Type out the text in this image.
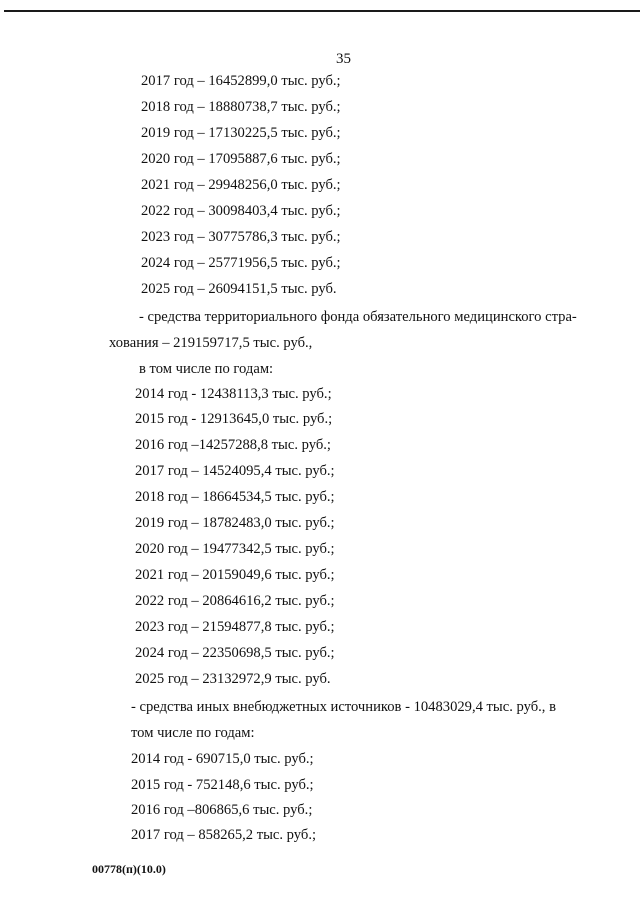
35
2017 год – 16452899,0 тыс. руб.;
2018 год – 18880738,7 тыс. руб.;
2019 год – 17130225,5 тыс. руб.;
2020 год – 17095887,6 тыс. руб.;
2021 год – 29948256,0 тыс. руб.;
2022 год – 30098403,4 тыс. руб.;
2023 год – 30775786,3 тыс. руб.;
2024 год – 25771956,5 тыс. руб.;
2025 год – 26094151,5 тыс. руб.
- средства территориального фонда обязательного медицинского стра-
хования – 219159717,5 тыс. руб.,
в том числе по годам:
2014 год - 12438113,3 тыс. руб.;
2015 год - 12913645,0 тыс. руб.;
2016 год –14257288,8 тыс. руб.;
2017 год – 14524095,4 тыс. руб.;
2018 год – 18664534,5 тыс. руб.;
2019 год – 18782483,0 тыс. руб.;
2020 год – 19477342,5 тыс. руб.;
2021 год – 20159049,6 тыс. руб.;
2022 год – 20864616,2 тыс. руб.;
2023 год – 21594877,8 тыс. руб.;
2024 год – 22350698,5 тыс. руб.;
2025 год – 23132972,9 тыс. руб.
- средства иных внебюджетных источников - 10483029,4 тыс. руб., в
том числе по годам:
2014 год - 690715,0 тыс. руб.;
2015 год - 752148,6 тыс. руб.;
2016 год –806865,6 тыс. руб.;
2017 год – 858265,2 тыс. руб.;
00778(п)(10.0)
